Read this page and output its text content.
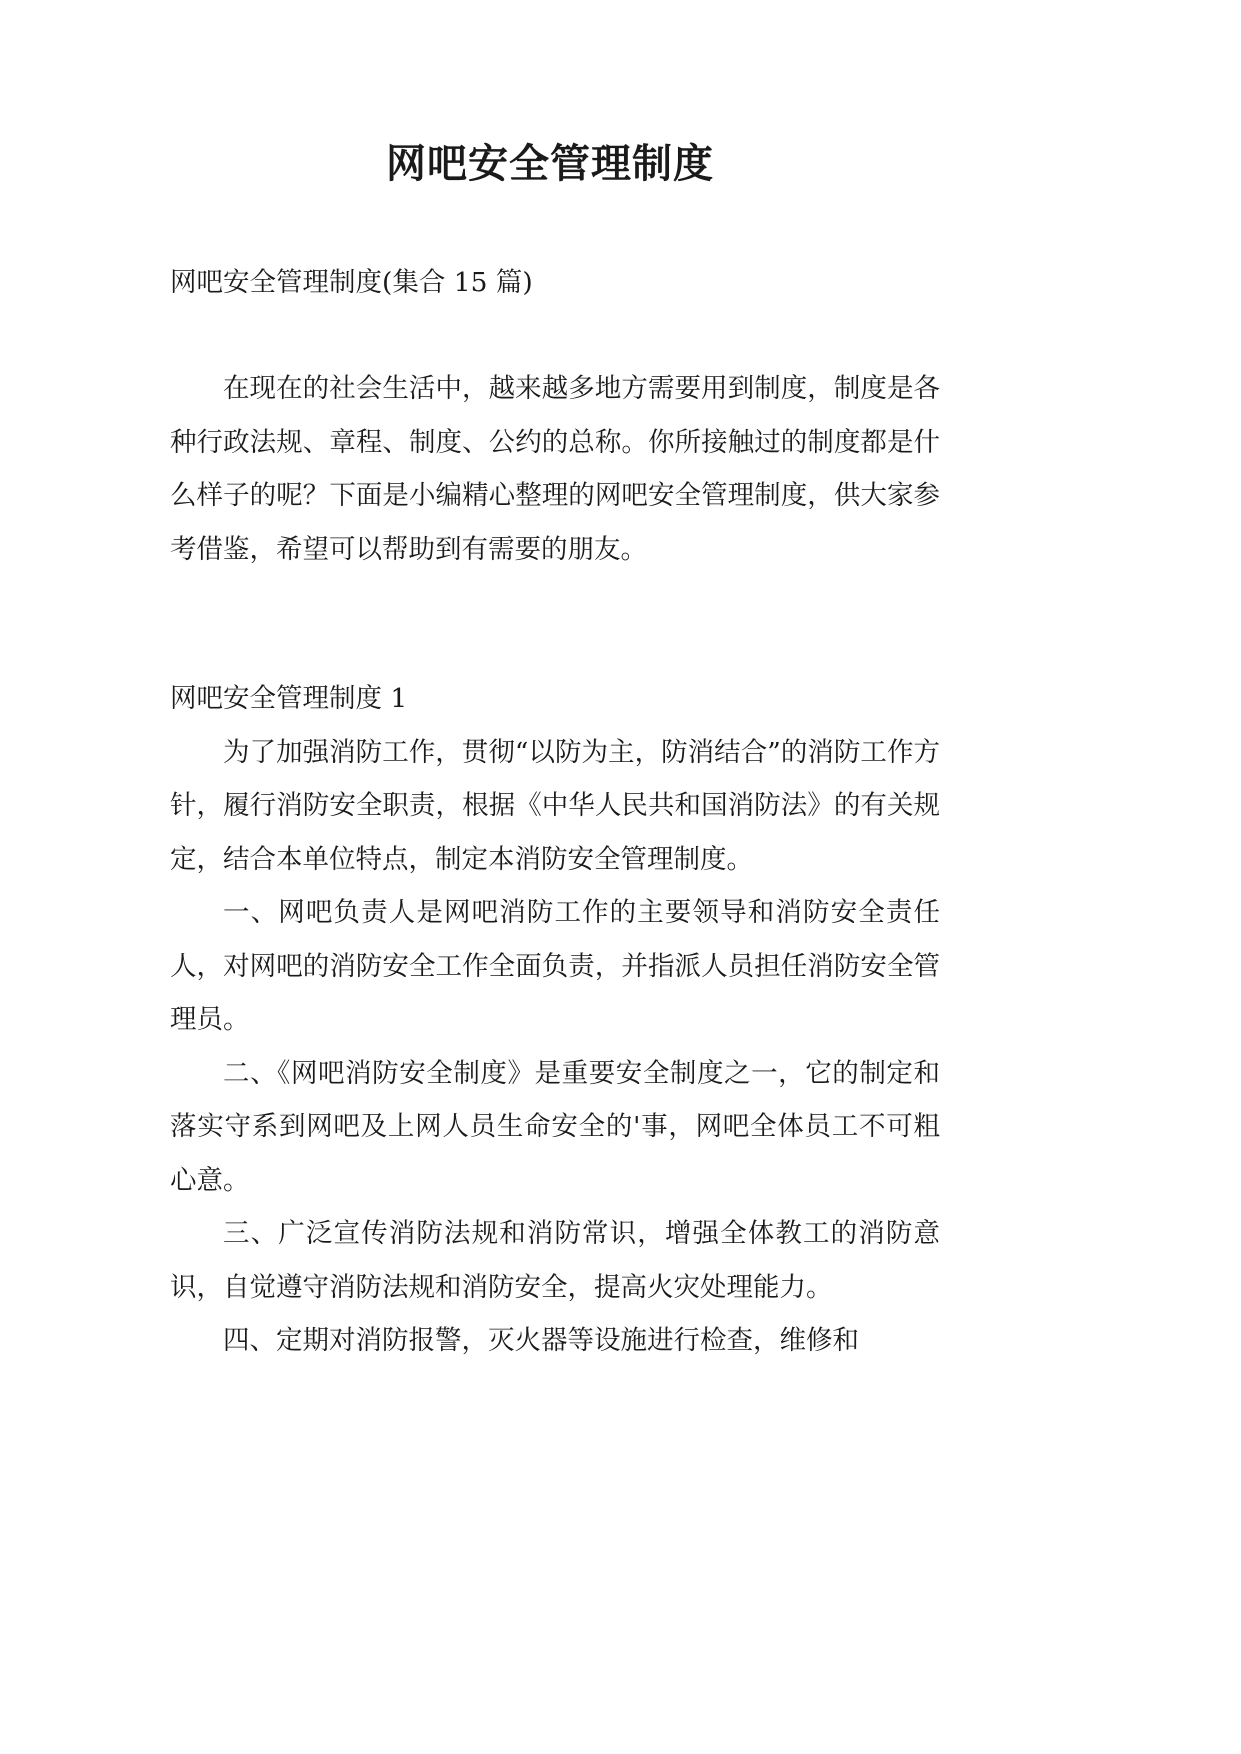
网吧安全管理制度

网吧安全管理制度(集合 15 篇)

在现在的社会生活中，越来越多地方需要用到制度，制度是各种行政法规、章程、制度、公约的总称。你所接触过的制度都是什么样子的呢？下面是小编精心整理的网吧安全管理制度，供大家参考借鉴，希望可以帮助到有需要的朋友。

网吧安全管理制度 1

为了加强消防工作，贯彻“以防为主，防消结合”的消防工作方针，履行消防安全职责，根据《中华人民共和国消防法》的有关规定，结合本单位特点，制定本消防安全管理制度。

一、网吧负责人是网吧消防工作的主要领导和消防安全责任人，对网吧的消防安全工作全面负责，并指派人员担任消防安全管理员。

二、《网吧消防安全制度》是重要安全制度之一，它的制定和落实守系到网吧及上网人员生命安全的'事，网吧全体员工不可粗心意。

三、广泛宣传消防法规和消防常识，增强全体教工的消防意识，自觉遵守消防法规和消防安全，提高火灾处理能力。

四、定期对消防报警，灭火器等设施进行检查，维修和
